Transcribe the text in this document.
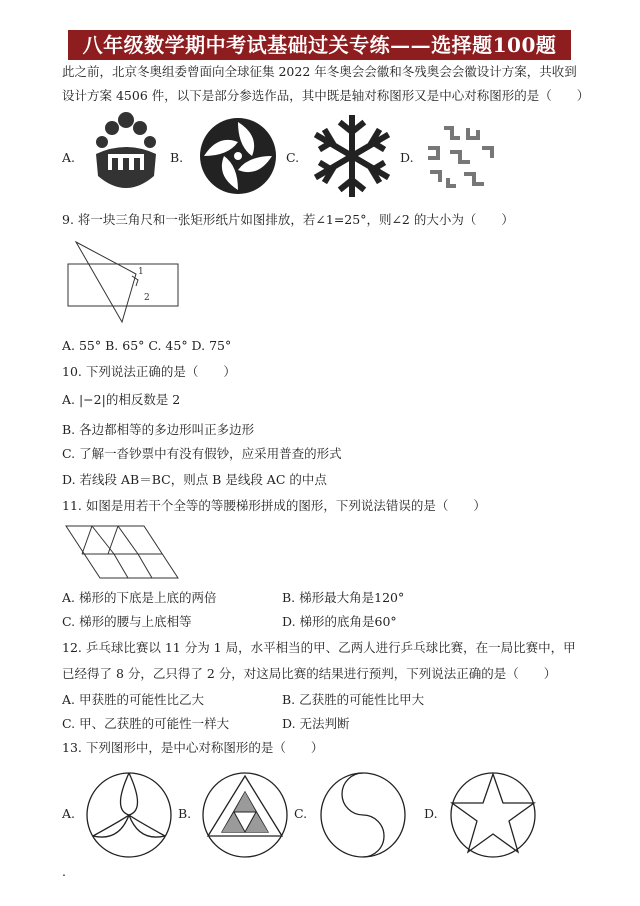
八年级数学期中考试基础过关专练——选择题100题
此之前，北京冬奥组委曾面向全球征集 2022 年冬奥会会徽和冬残奥会会徽设计方案，共收到
设计方案 4506 件，以下是部分参选作品，其中既是轴对称图形又是中心对称图形的是（　　）
A.	B.	C.	D.
9. 将一块三角尺和一张矩形纸片如图排放，若∠1=25°，则∠2 的大小为（　　）
1
2
A. 55° B. 65° C. 45° D. 75°
10. 下列说法正确的是（　　）
A. |−2|的相反数是 2
B. 各边都相等的多边形叫正多边形
C. 了解一沓钞票中有没有假钞，应采用普查的形式
D. 若线段 AB＝BC，则点 B 是线段 AC 的中点
11. 如图是用若干个全等的等腰梯形拼成的图形，下列说法错误的是（　　）
A. 梯形的下底是上底的两倍	B. 梯形最大角是120°
C. 梯形的腰与上底相等	D. 梯形的底角是60°
12. 乒乓球比赛以 11 分为 1 局，水平相当的甲、乙两人进行乒乓球比赛，在一局比赛中，甲
已经得了 8 分，乙只得了 2 分，对这局比赛的结果进行预判，下列说法正确的是（　　）
A. 甲获胜的可能性比乙大	B. 乙获胜的可能性比甲大
C. 甲、乙获胜的可能性一样大	D. 无法判断
13. 下列图形中，是中心对称图形的是（　　）
A.	B.	C.	D.
.
